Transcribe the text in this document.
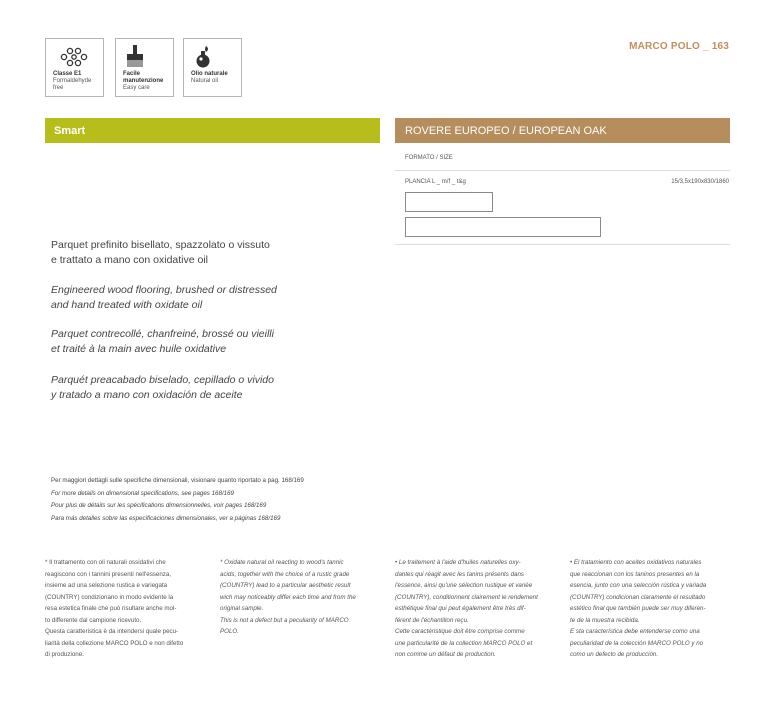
Classe E1
Formaldehyde
free
Facile
manutenzione
Easy care
Olio naturale
Natural oil
MARCO POLO _ 163
Smart	ROVERE EUROPEO / EUROPEAN OAK
FORMATO / SIZE
PLANCIA L _ m/f _ t&g	15/3,5x190x830/1860
Parquet prefinito bisellato, spazzolato o vissuto
e trattato a mano con oxidative oil
Engineered wood flooring, brushed or distressed
and hand treated with oxidate oil
Parquet contrecollé, chanfreiné, brossé ou vieilli
et traité à la main avec huile oxidative
Parquét preacabado biselado, cepillado o vivido
y tratado a mano con oxidación de aceite
Per maggiori dettagli sulle specifiche dimensionali, visionare quanto riportato a pag. 168/169
For more details on dimensional specifications, see pages 168/169
Pour plus de détails sur les spécifications dimensionnelles, voir pages 168/169
Para más detalles sobre las especificaciones dimensionales, ver a páginas 168/169
* Il trattamento con oli naturali ossidativi che
reagiscono con i tannini presenti nell'essenza,
insieme ad una selezione rustica e variegata
(COUNTRY) condizionano in modo evidente la
resa estetica finale che può risultare anche mol-
to differente dal campione ricevuto.
Questa caratteristica è da intendersi quale pecu-
liarità della collezione MARCO POLO e non difetto
di produzione.
* Oxidate natural oil reacting to wood's tannic
acids, together with the choice of a rustic grade
(COUNTRY) lead to a particular aesthetic result
wich may noticeably differ each time and from the
original sample.
This is not a defect but a peculiarity of MARCO
POLO.
• Le traitement à l'aide d'huiles naturelles oxy-
dantes qui réagit avec les tanins présents dans
l'essence, ainsi qu'une sélection rustique et variée
(COUNTRY), conditionnent clairement le rendement
esthétique final qui peut également être très dif-
férent de l'échantillon reçu.
Cette caractéristique doit être comprise comme
une particularité de la collection MARCO POLO et
non comme un défaut de production.
• El tratamiento con aceites oxidativos naturales
que reaccionan con los taninos presentes en la
esencia, junto con una selección rústica y variada
(COUNTRY) condicionan claramente el resultado
estético final que también puede ser muy diferen-
te de la muestra recibida.
E sta característica debe entenderse como una
peculiaridad de la colección MARCO POLO y no
como un defecto de producción.
